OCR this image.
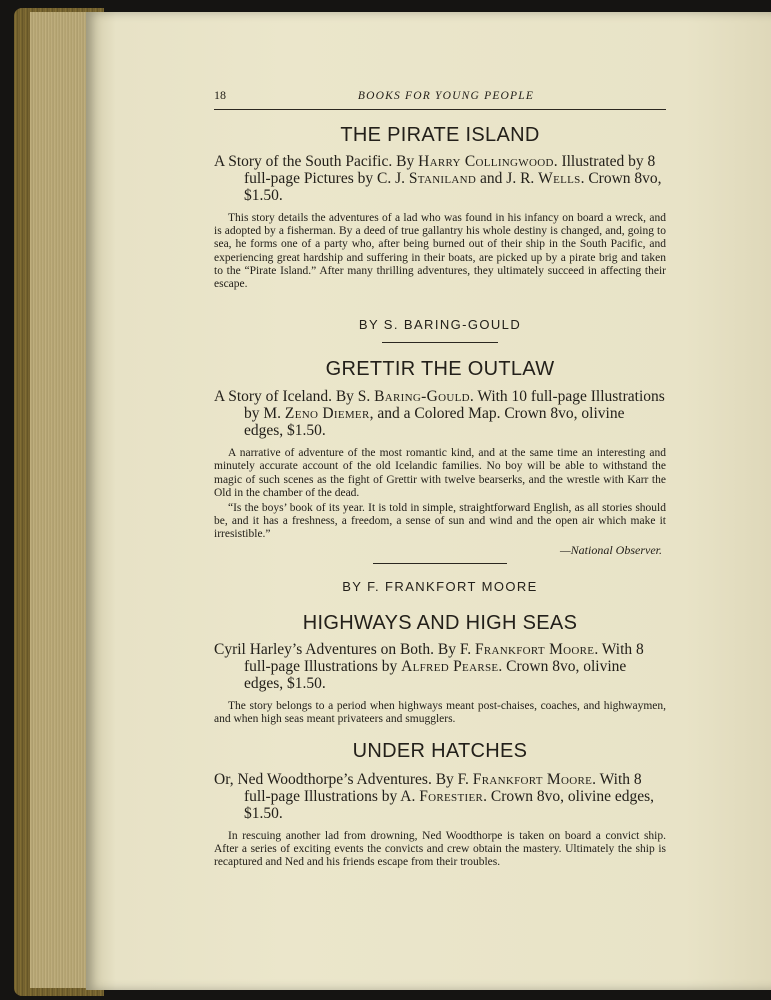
18	BOOKS FOR YOUNG PEOPLE
THE PIRATE ISLAND

A Story of the South Pacific. By Harry Collingwood. Illustrated by 8 full-page Pictures by C. J. Staniland and J. R. Wells. Crown 8vo, $1.50.

This story details the adventures of a lad who was found in his infancy on board a wreck, and is adopted by a fisherman. By a deed of true gallantry his whole destiny is changed, and, going to sea, he forms one of a party who, after being burned out of their ship in the South Pacific, and experiencing great hardship and suffering in their boats, are picked up by a pirate brig and taken to the “Pirate Island.” After many thrilling adventures, they ultimately succeed in affecting their escape.

BY S. BARING-GOULD

GRETTIR THE OUTLAW

A Story of Iceland. By S. Baring-Gould. With 10 full-page Illustrations by M. Zeno Diemer, and a Colored Map. Crown 8vo, olivine edges, $1.50.

A narrative of adventure of the most romantic kind, and at the same time an interesting and minutely accurate account of the old Icelandic families. No boy will be able to withstand the magic of such scenes as the fight of Grettir with twelve bearserks, and the wrestle with Karr the Old in the chamber of the dead.

“Is the boys’ book of its year. It is told in simple, straightforward English, as all stories should be, and it has a freshness, a freedom, a sense of sun and wind and the open air which make it irresistible.”

—National Observer.

BY F. FRANKFORT MOORE

HIGHWAYS AND HIGH SEAS

Cyril Harley’s Adventures on Both. By F. Frankfort Moore. With 8 full-page Illustrations by Alfred Pearse. Crown 8vo, olivine edges, $1.50.

The story belongs to a period when highways meant post-chaises, coaches, and highwaymen, and when high seas meant privateers and smugglers.

UNDER HATCHES

Or, Ned Woodthorpe’s Adventures. By F. Frankfort Moore. With 8 full-page Illustrations by A. Forestier. Crown 8vo, olivine edges, $1.50.

In rescuing another lad from drowning, Ned Woodthorpe is taken on board a convict ship. After a series of exciting events the convicts and crew obtain the mastery. Ultimately the ship is recaptured and Ned and his friends escape from their troubles.
